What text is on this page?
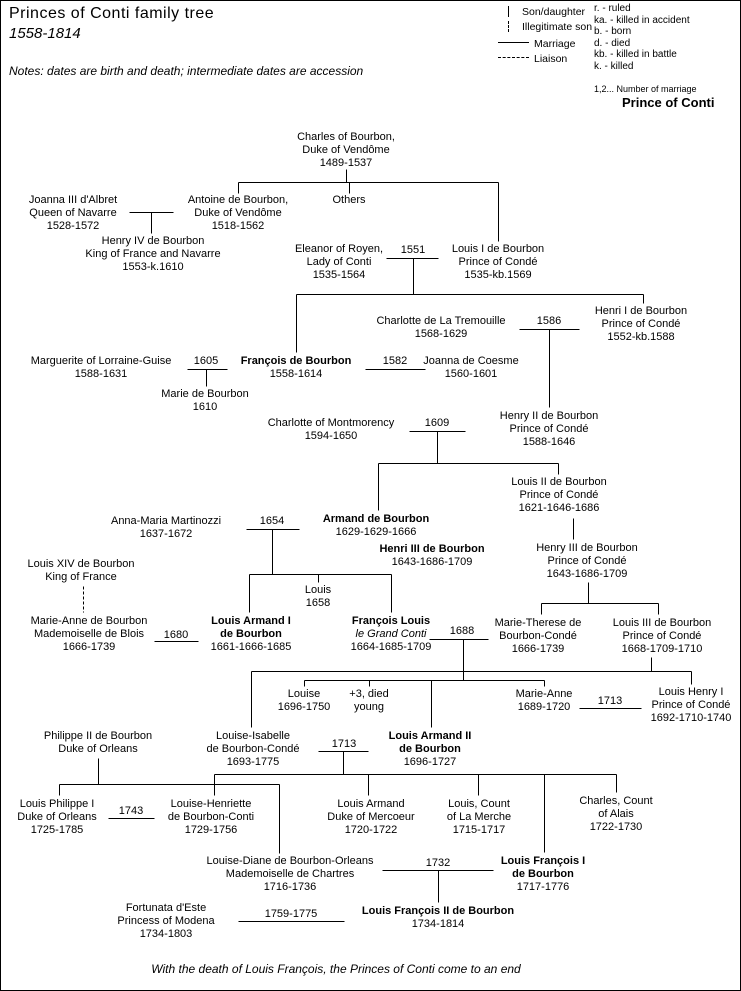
Princes of Conti family tree
1558-1814
Notes: dates are birth and death; intermediate dates are accession
Son/daughter
Illegitimate son
Marriage
Liaison
r. - ruled
ka. - killed in accident
b. - born
d. - died
kb. - killed in battle
k. - killed
1,2... Number of marriage
Prince of Conti
Charles of Bourbon,
Duke of Vendôme
1489-1537
Joanna III d'Albret
Queen of Navarre
1528-1572
Antoine de Bourbon,
Duke of Vendôme
1518-1562
Others
Henry IV de Bourbon
King of France and Navarre
1553-k.1610
Eleanor of Royen,
Lady of Conti
1535-1564
Louis I de Bourbon
Prince of Condé
1535-kb.1569
Charlotte de La Tremouille
1568-1629
Henri I de Bourbon
Prince of Condé
1552-kb.1588
Marguerite of Lorraine-Guise
1588-1631
François de Bourbon
1558-1614
Joanna de Coesme
1560-1601
Marie de Bourbon
1610
Charlotte of Montmorency
1594-1650
Henry II de Bourbon
Prince of Condé
1588-1646
Louis II de Bourbon
Prince of Condé
1621-1646-1686
Anna-Maria Martinozzi
1637-1672
Armand de Bourbon
1629-1629-1666
Henri III de Bourbon
1643-1686-1709
Henry III de Bourbon
Prince of Condé
1643-1686-1709
Louis XIV de Bourbon
King of France
Marie-Anne de Bourbon
Mademoiselle de Blois
1666-1739
Louis Armand I
de Bourbon
1661-1666-1685
Louis
1658
François Louis
le Grand Conti
1664-1685-1709
Marie-Therese de
Bourbon-Condé
1666-1739
Louis III de Bourbon
Prince of Condé
1668-1709-1710
Louise
1696-1750
+3, died
young
Marie-Anne
1689-1720
Louis Henry I
Prince of Condé
1692-1710-1740
Philippe II de Bourbon
Duke of Orleans
Louise-Isabelle
de Bourbon-Condé
1693-1775
Louis Armand II
de Bourbon
1696-1727
Louis Philippe I
Duke of Orleans
1725-1785
Louise-Henriette
de Bourbon-Conti
1729-1756
Louis Armand
Duke of Mercoeur
1720-1722
Louis, Count
of La Merche
1715-1717
Charles, Count
of Alais
1722-1730
Louise-Diane de Bourbon-Orleans
Mademoiselle de Chartres
1716-1736
Louis François I
de Bourbon
1717-1776
Fortunata d'Este
Princess of Modena
1734-1803
Louis François II de Bourbon
1734-1814
1551
1586
1605	1582
1609
1654
1680	1688
1713
1713
1743
1732
1759-1775
With the death of Louis François, the Princes of Conti come to an end
